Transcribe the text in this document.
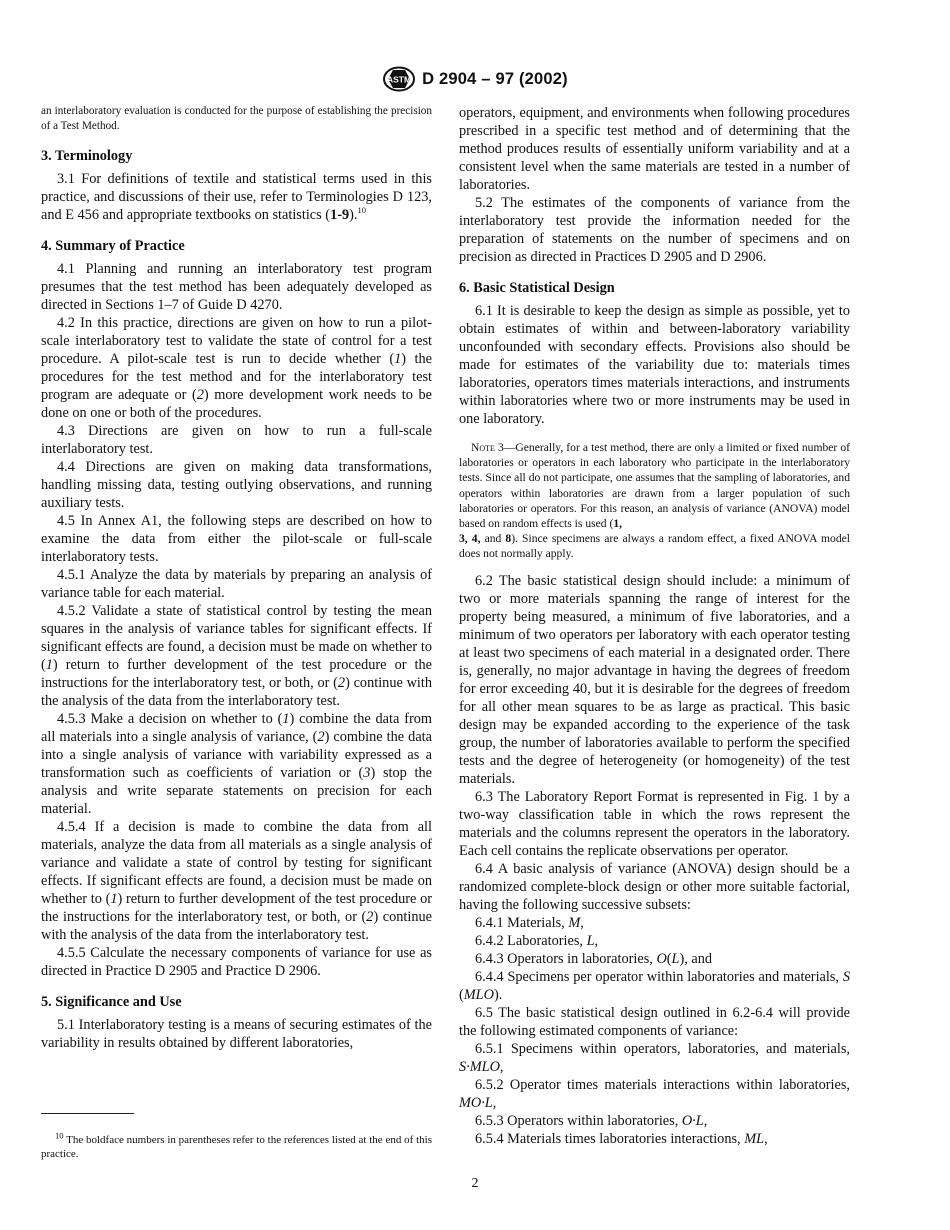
ASTM D 2904 – 97 (2002)

an interlaboratory evaluation is conducted for the purpose of establishing the precision of a Test Method.

3. Terminology

3.1 For definitions of textile and statistical terms used in this practice, and discussions of their use, refer to Terminologies D 123, and E 456 and appropriate textbooks on statistics (1-9).$^{10}$

4. Summary of Practice

4.1 Planning and running an interlaboratory test program presumes that the test method has been adequately developed as directed in Sections 1–7 of Guide D 4270.

4.2 In this practice, directions are given on how to run a pilot-scale interlaboratory test to validate the state of control for a test procedure. A pilot-scale test is run to decide whether (1) the procedures for the test method and for the interlaboratory test program are adequate or (2) more development work needs to be done on one or both of the procedures.

4.3 Directions are given on how to run a full-scale interlaboratory test.

4.4 Directions are given on making data transformations, handling missing data, testing outlying observations, and running auxiliary tests.

4.5 In Annex A1, the following steps are described on how to examine the data from either the pilot-scale or full-scale interlaboratory tests.

4.5.1 Analyze the data by materials by preparing an analysis of variance table for each material.

4.5.2 Validate a state of statistical control by testing the mean squares in the analysis of variance tables for significant effects. If significant effects are found, a decision must be made on whether to (1) return to further development of the test procedure or the instructions for the interlaboratory test, or both, or (2) continue with the analysis of the data from the interlaboratory test.

4.5.3 Make a decision on whether to (1) combine the data from all materials into a single analysis of variance, (2) combine the data into a single analysis of variance with variability expressed as a transformation such as coefficients of variation or (3) stop the analysis and write separate statements on precision for each material.

4.5.4 If a decision is made to combine the data from all materials, analyze the data from all materials as a single analysis of variance and validate a state of control by testing for significant effects. If significant effects are found, a decision must be made on whether to (1) return to further development of the test procedure or the instructions for the interlaboratory test, or both, or (2) continue with the analysis of the data from the interlaboratory test.

4.5.5 Calculate the necessary components of variance for use as directed in Practice D 2905 and Practice D 2906.

5. Significance and Use

5.1 Interlaboratory testing is a means of securing estimates of the variability in results obtained by different laboratories,

operators, equipment, and environments when following procedures prescribed in a specific test method and of determining that the method produces results of essentially uniform variability and at a consistent level when the same materials are tested in a number of laboratories.

5.2 The estimates of the components of variance from the interlaboratory test provide the information needed for the preparation of statements on the number of specimens and on precision as directed in Practices D 2905 and D 2906.

6. Basic Statistical Design

6.1 It is desirable to keep the design as simple as possible, yet to obtain estimates of within and between-laboratory variability unconfounded with secondary effects. Provisions also should be made for estimates of the variability due to: materials times laboratories, operators times materials interactions, and instruments within laboratories where two or more instruments may be used in one laboratory.

Note 3—Generally, for a test method, there are only a limited or fixed number of laboratories or operators in each laboratory who participate in the interlaboratory tests. Since all do not participate, one assumes that the sampling of laboratories, and operators within laboratories are drawn from a larger population of such laboratories or operators. For this reason, an analysis of variance (ANOVA) model based on random effects is used (1,
3, 4, and 8). Since specimens are always a random effect, a fixed ANOVA model does not normally apply.

6.2 The basic statistical design should include: a minimum of two or more materials spanning the range of interest for the property being measured, a minimum of five laboratories, and a minimum of two operators per laboratory with each operator testing at least two specimens of each material in a designated order. There is, generally, no major advantage in having the degrees of freedom for error exceeding 40, but it is desirable for the degrees of freedom for all other mean squares to be as large as practical. This basic design may be expanded according to the experience of the task group, the number of laboratories available to perform the specified tests and the degree of heterogeneity (or homogeneity) of the test materials.

6.3 The Laboratory Report Format is represented in Fig. 1 by a two-way classification table in which the rows represent the materials and the columns represent the operators in the laboratory. Each cell contains the replicate observations per operator.

6.4 A basic analysis of variance (ANOVA) design should be a randomized complete-block design or other more suitable factorial, having the following successive subsets:

6.4.1 Materials, M,

6.4.2 Laboratories, L,

6.4.3 Operators in laboratories, O(L), and

6.4.4 Specimens per operator within laboratories and materials, S (MLO).

6.5 The basic statistical design outlined in 6.2-6.4 will provide the following estimated components of variance:

6.5.1 Specimens within operators, laboratories, and materials, S·MLO,

6.5.2 Operator times materials interactions within laboratories, MO·L,

6.5.3 Operators within laboratories, O·L,

6.5.4 Materials times laboratories interactions, ML,

$^{10}$ The boldface numbers in parentheses refer to the references listed at the end of this practice.

2
